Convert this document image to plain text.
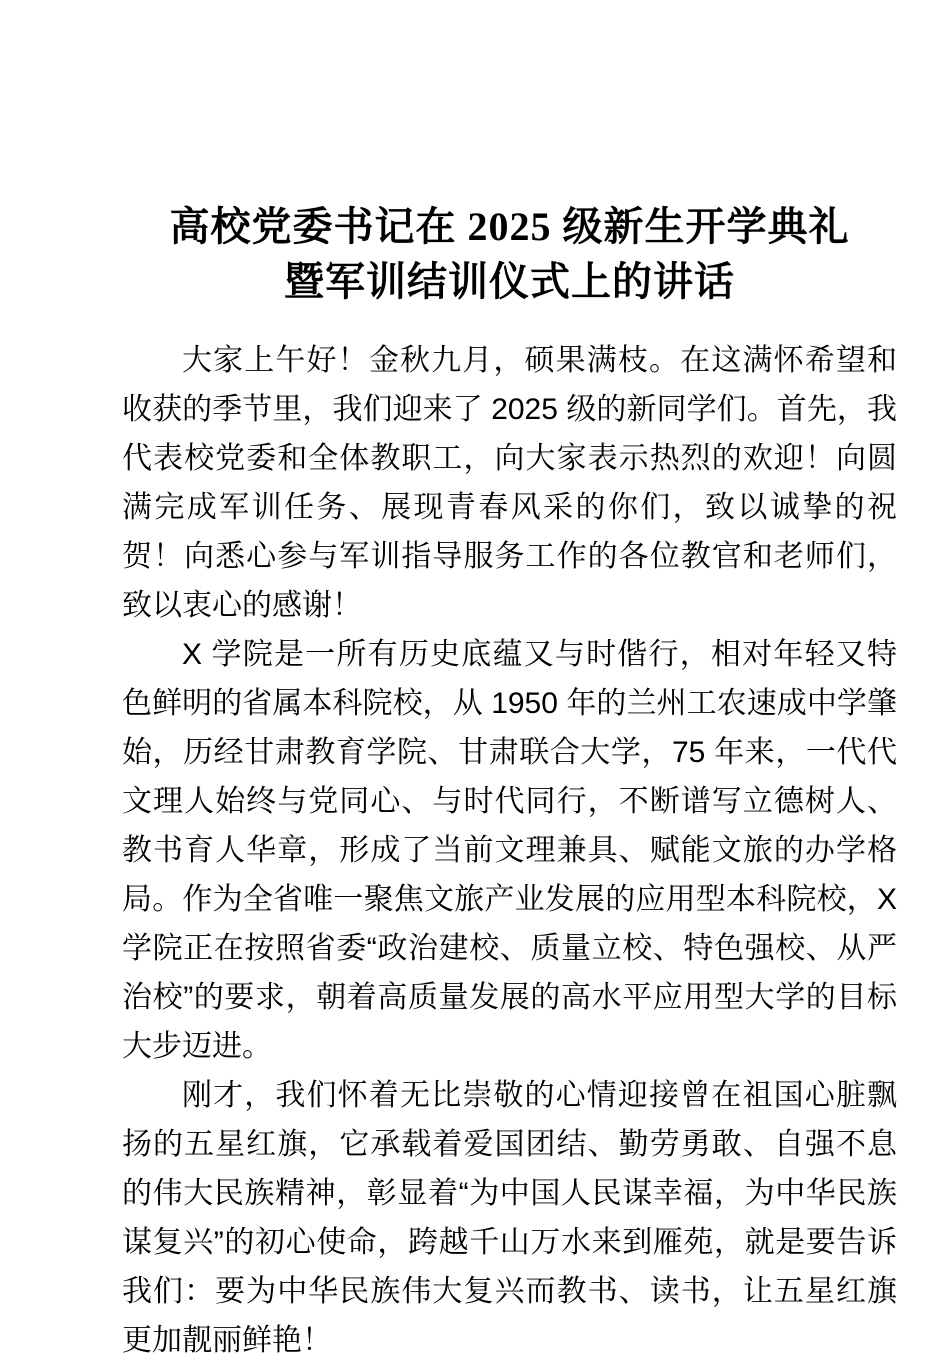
高校党委书记在 2025 级新生开学典礼
暨军训结训仪式上的讲话

大家上午好！金秋九月，硕果满枝。在这满怀希望和收获的季节里，我们迎来了 2025 级的新同学们。首先，我代表校党委和全体教职工，向大家表示热烈的欢迎！向圆满完成军训任务、展现青春风采的你们，致以诚挚的祝贺！向悉心参与军训指导服务工作的各位教官和老师们，致以衷心的感谢！

X 学院是一所有历史底蕴又与时偕行，相对年轻又特色鲜明的省属本科院校，从 1950 年的兰州工农速成中学肇始，历经甘肃教育学院、甘肃联合大学，75 年来，一代代文理人始终与党同心、与时代同行，不断谱写立德树人、教书育人华章，形成了当前文理兼具、赋能文旅的办学格局。作为全省唯一聚焦文旅产业发展的应用型本科院校，X 学院正在按照省委“政治建校、质量立校、特色强校、从严治校”的要求，朝着高质量发展的高水平应用型大学的目标大步迈进。

刚才，我们怀着无比崇敬的心情迎接曾在祖国心脏飘扬的五星红旗，它承载着爱国团结、勤劳勇敢、自强不息的伟大民族精神，彰显着“为中国人民谋幸福，为中华民族谋复兴”的初心使命，跨越千山万水来到雁苑，就是要告诉我们：要为中华民族伟大复兴而教书、读书，让五星红旗更加靓丽鲜艳！
